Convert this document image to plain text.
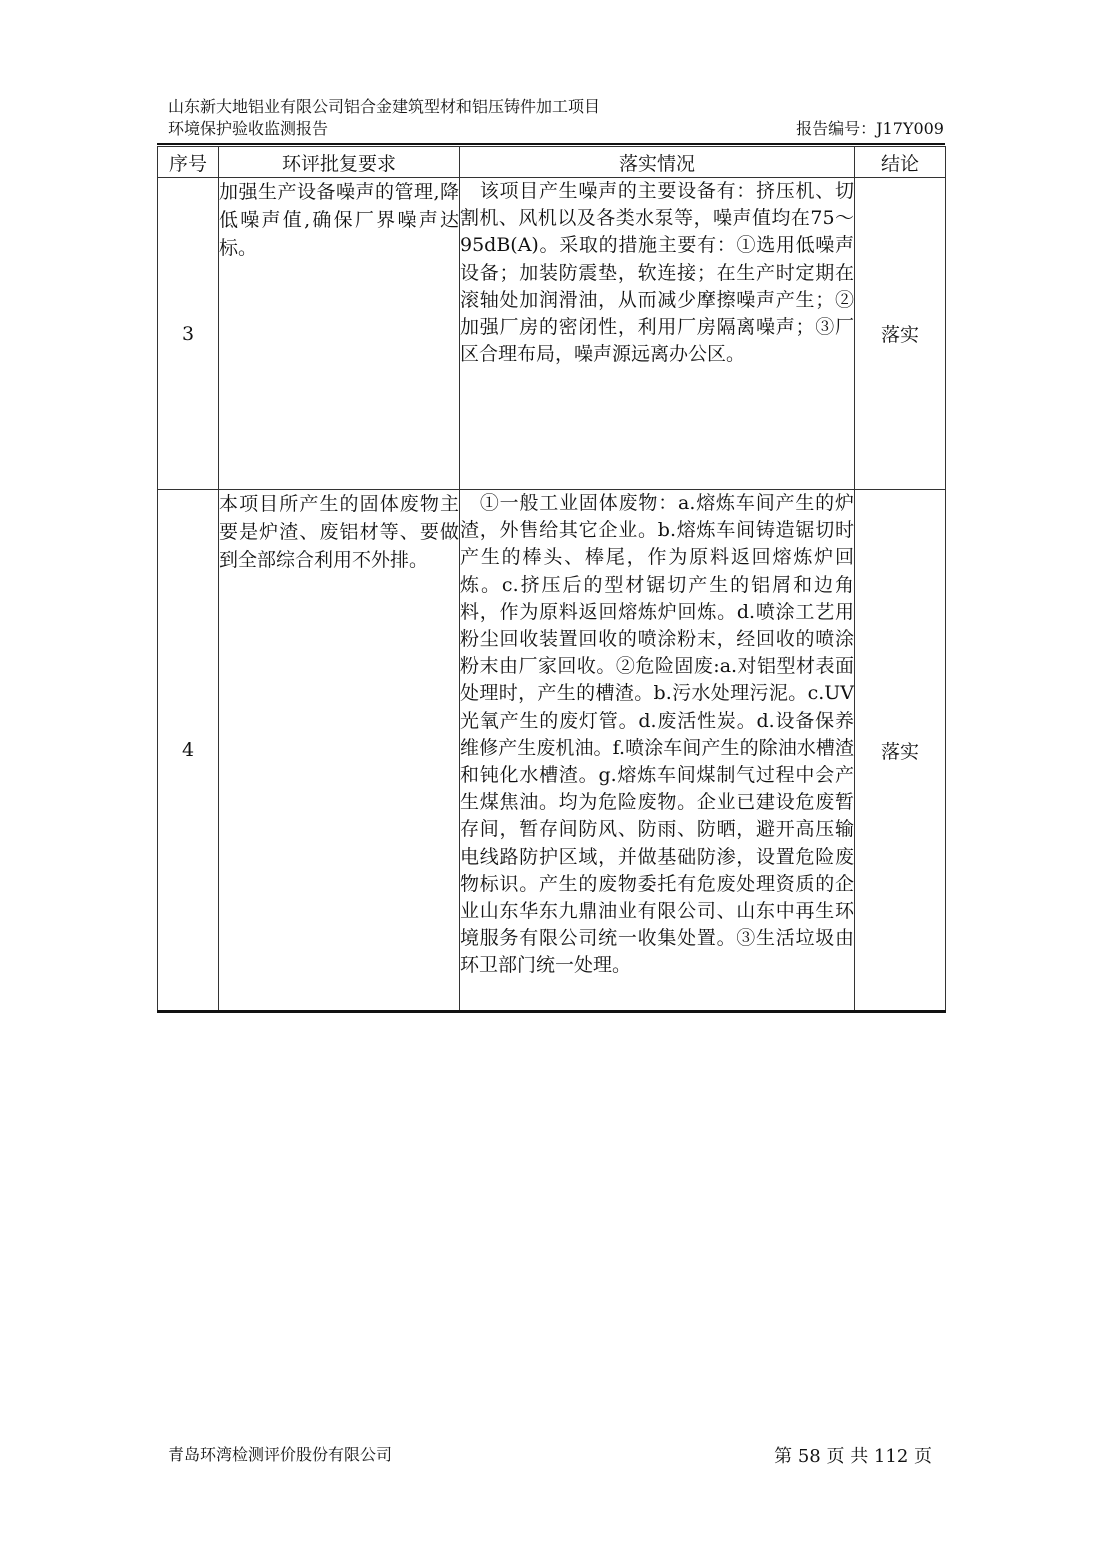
山东新大地铝业有限公司铝合金建筑型材和铝压铸件加工项目
环境保护验收监测报告	报告编号：J17Y009
序号	环评批复要求	落实情况	结论
3	加强生产设备噪声的管理,降低噪声值,确保厂界噪声达标。	　该项目产生噪声的主要设备有：挤压机、切割机、风机以及各类水泵等，噪声值均在75～95dB(A)。采取的措施主要有：①选用低噪声设备；加装防震垫，软连接；在生产时定期在滚轴处加润滑油，从而减少摩擦噪声产生；②加强厂房的密闭性，利用厂房隔离噪声；③厂区合理布局，噪声源远离办公区。	落实
4	本项目所产生的固体废物主要是炉渣、废铝材等、要做到全部综合利用不外排。	　①一般工业固体废物：a.熔炼车间产生的炉渣，外售给其它企业。b.熔炼车间铸造锯切时产生的棒头、棒尾，作为原料返回熔炼炉回炼。c.挤压后的型材锯切产生的铝屑和边角料，作为原料返回熔炼炉回炼。d.喷涂工艺用粉尘回收装置回收的喷涂粉末，经回收的喷涂粉末由厂家回收。②危险固废:a.对铝型材表面处理时，产生的槽渣。b.污水处理污泥。c.UV光氧产生的废灯管。d.废活性炭。d.设备保养维修产生废机油。f.喷涂车间产生的除油水槽渣和钝化水槽渣。g.熔炼车间煤制气过程中会产生煤焦油。均为危险废物。企业已建设危废暂存间，暂存间防风、防雨、防晒，避开高压输电线路防护区域，并做基础防渗，设置危险废物标识。产生的废物委托有危废处理资质的企业山东华东九鼎油业有限公司、山东中再生环境服务有限公司统一收集处置。③生活垃圾由环卫部门统一处理。	落实
青岛环湾检测评价股份有限公司	第 58 页 共 112 页
